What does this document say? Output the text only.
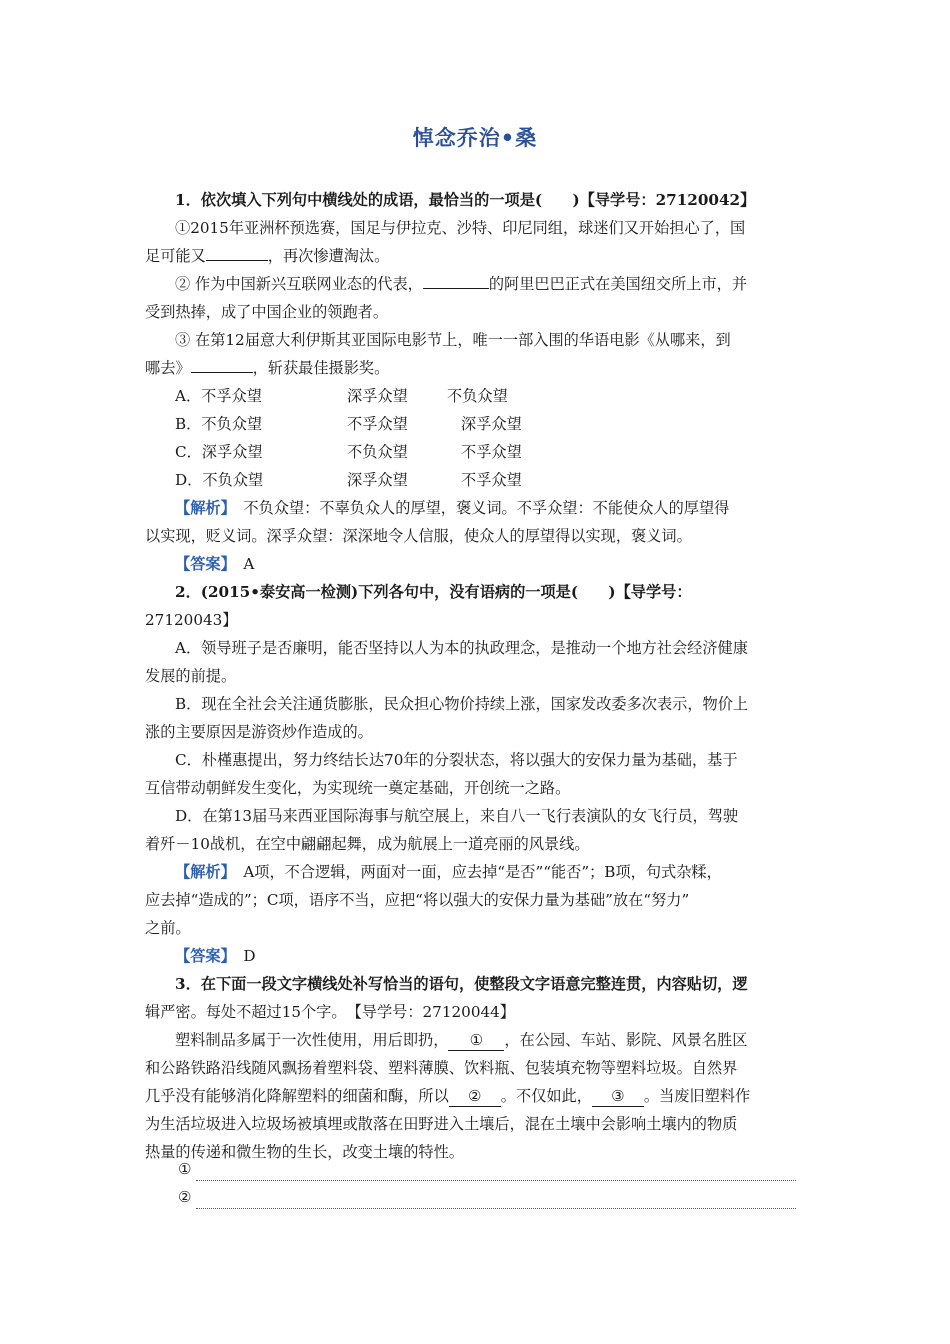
悼念乔治•桑
1．依次填入下列句中横线处的成语，最恰当的一项是(　　)【导学号：27120042】
①2015年亚洲杯预选赛，国足与伊拉克、沙特、印尼同组，球迷们又开始担心了，国
足可能又	，再次惨遭淘汰。
② 作为中国新兴互联网业态的代表，	的阿里巴巴正式在美国纽交所上市，并
受到热捧，成了中国企业的领跑者。
③ 在第12届意大利伊斯其亚国际电影节上，唯一一部入围的华语电影《从哪来，到
哪去》	，斩获最佳摄影奖。
A．不孚众望	深孚众望	不负众望
B．不负众望	不孚众望	深孚众望
C．深孚众望	不负众望	不孚众望
D．不负众望	深孚众望	不孚众望
【解析】　不负众望：不辜负众人的厚望，褒义词。不孚众望：不能使众人的厚望得
以实现，贬义词。深孚众望：深深地令人信服，使众人的厚望得以实现，褒义词。
【答案】　A
2．(2015•泰安高一检测)下列各句中，没有语病的一项是(　　)【导学号：
27120043】
A．领导班子是否廉明，能否坚持以人为本的执政理念，是推动一个地方社会经济健康
发展的前提。
B．现在全社会关注通货膨胀，民众担心物价持续上涨，国家发改委多次表示，物价上
涨的主要原因是游资炒作造成的。
C．朴槿惠提出，努力终结长达70年的分裂状态，将以强大的安保力量为基础，基于
互信带动朝鲜发生变化，为实现统一奠定基础，开创统一之路。
D．在第13届马来西亚国际海事与航空展上，来自八一飞行表演队的女飞行员，驾驶
着歼－10战机，在空中翩翩起舞，成为航展上一道亮丽的风景线。
【解析】　A项，不合逻辑，两面对一面，应去掉“是否”“能否”；B项，句式杂糅，
应去掉“造成的”；C项，语序不当，应把“将以强大的安保力量为基础”放在“努力”
之前。
【答案】　D
3．在下面一段文字横线处补写恰当的语句，使整段文字语意完整连贯，内容贴切，逻
辑严密。每处不超过15个字。　【导学号：27120044】
塑料制品多属于一次性使用，用后即扔， ① ，在公园、车站、影院、风景名胜区
和公路铁路沿线随风飘扬着塑料袋、塑料薄膜、饮料瓶、包装填充物等塑料垃圾。自然界
几乎没有能够消化降解塑料的细菌和酶，所以 ② 。不仅如此， ③ 。当废旧塑料作
为生活垃圾进入垃圾场被填埋或散落在田野进入土壤后，混在土壤中会影响土壤内的物质
热量的传递和微生物的生长，改变土壤的特性。
①
②
